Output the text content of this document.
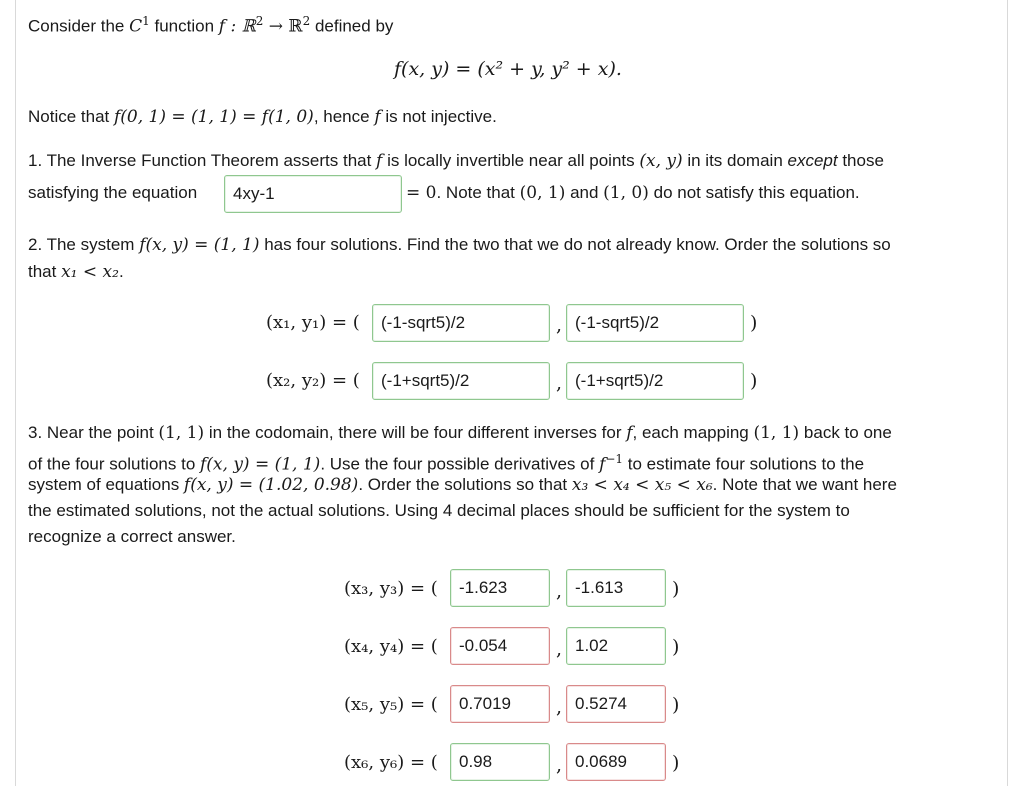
Consider the $C^1$ function f : ℝ$^2$ → ℝ$^2$ defined by
f(x, y) = (x² + y, y² + x).
Notice that f(0, 1) = (1, 1) = f(1, 0), hence f is not injective.
1. The Inverse Function Theorem asserts that f is locally invertible near all points (x, y) in its domain except those
satisfying the equation
4xy-1	= 0. Note that (0, 1) and (1, 0) do not satisfy this equation.
2. The system f(x, y) = (1, 1) has four solutions. Find the two that we do not already know. Order the solutions so
that x₁ < x₂.
(x₁, y₁) = (
(-1-sqrt5)/2	,
(-1-sqrt5)/2	)
(x₂, y₂) = (
(-1+sqrt5)/2	,
(-1+sqrt5)/2	)
3. Near the point (1, 1) in the codomain, there will be four different inverses for f, each mapping (1, 1) back to one
of the four solutions to f(x, y) = (1, 1). Use the four possible derivatives of $f^{-1}$ to estimate four solutions to the
system of equations f(x, y) = (1.02, 0.98). Order the solutions so that x₃ < x₄ < x₅ < x₆. Note that we want here
the estimated solutions, not the actual solutions. Using 4 decimal places should be sufficient for the system to
recognize a correct answer.
(x₃, y₃) = (
-1.623	,
-1.613	)
(x₄, y₄) = (
-0.054	,
1.02	)
(x₅, y₅) = (
0.7019	,
0.5274	)
(x₆, y₆) = (
0.98	,
0.0689	)
